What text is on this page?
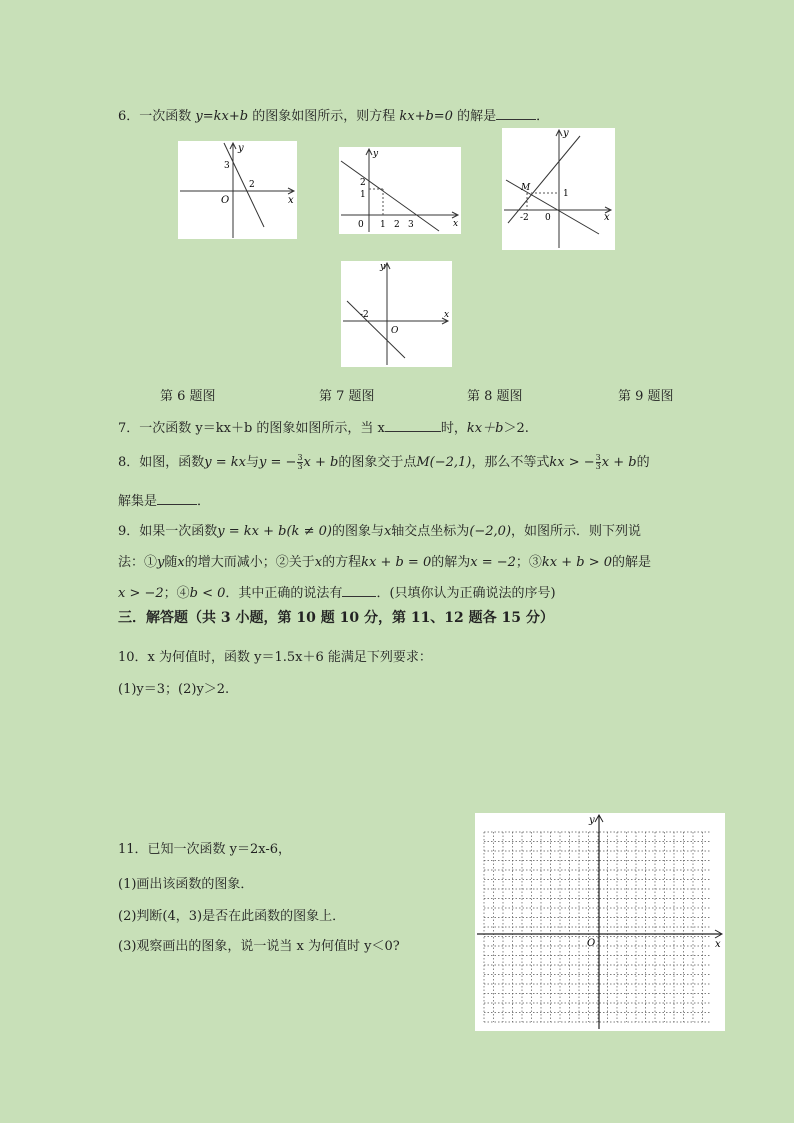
6．一次函数 y=kx+b 的图象如图所示，则方程 kx+b=0 的解是	．
y
x
O
3
2
y
x
0 1 2 3
1
2
y
x
0
M
-2
1
y
x
O
-2
第 6 题图	第 7 题图	第 8 题图	第 9 题图
7．一次函数 y＝kx＋b 的图象如图所示，当 x	时，kx＋b＞2.
8．如图，函数y = kx与y = − $\frac{3}{3}$ x + b的图象交于点M(−2,1)，那么不等式kx > − $\frac{3}{3}$ x + b的
解集是	．
9．如果一次函数y = kx + b(k ≠ 0)的图象与x轴交点坐标为(−2,0)，如图所示．则下列说
法：①y随x的增大而减小；②关于x的方程kx + b = 0的解为x = −2；③kx + b > 0的解是
x > −2；④b < 0．其中正确的说法有	．(只填你认为正确说法的序号)
三．解答题（共 3 小题，第 10 题 10 分，第 11、12 题各 15 分）
10．x 为何值时，函数 y＝1.5x＋6 能满足下列要求：
(1)y＝3；(2)y＞2.
11．已知一次函数 y＝2x-6，
(1)画出该函数的图象．
(2)判断(4，3)是否在此函数的图象上．
(3)观察画出的图象，说一说当 x 为何值时 y＜0?
y
x
O
